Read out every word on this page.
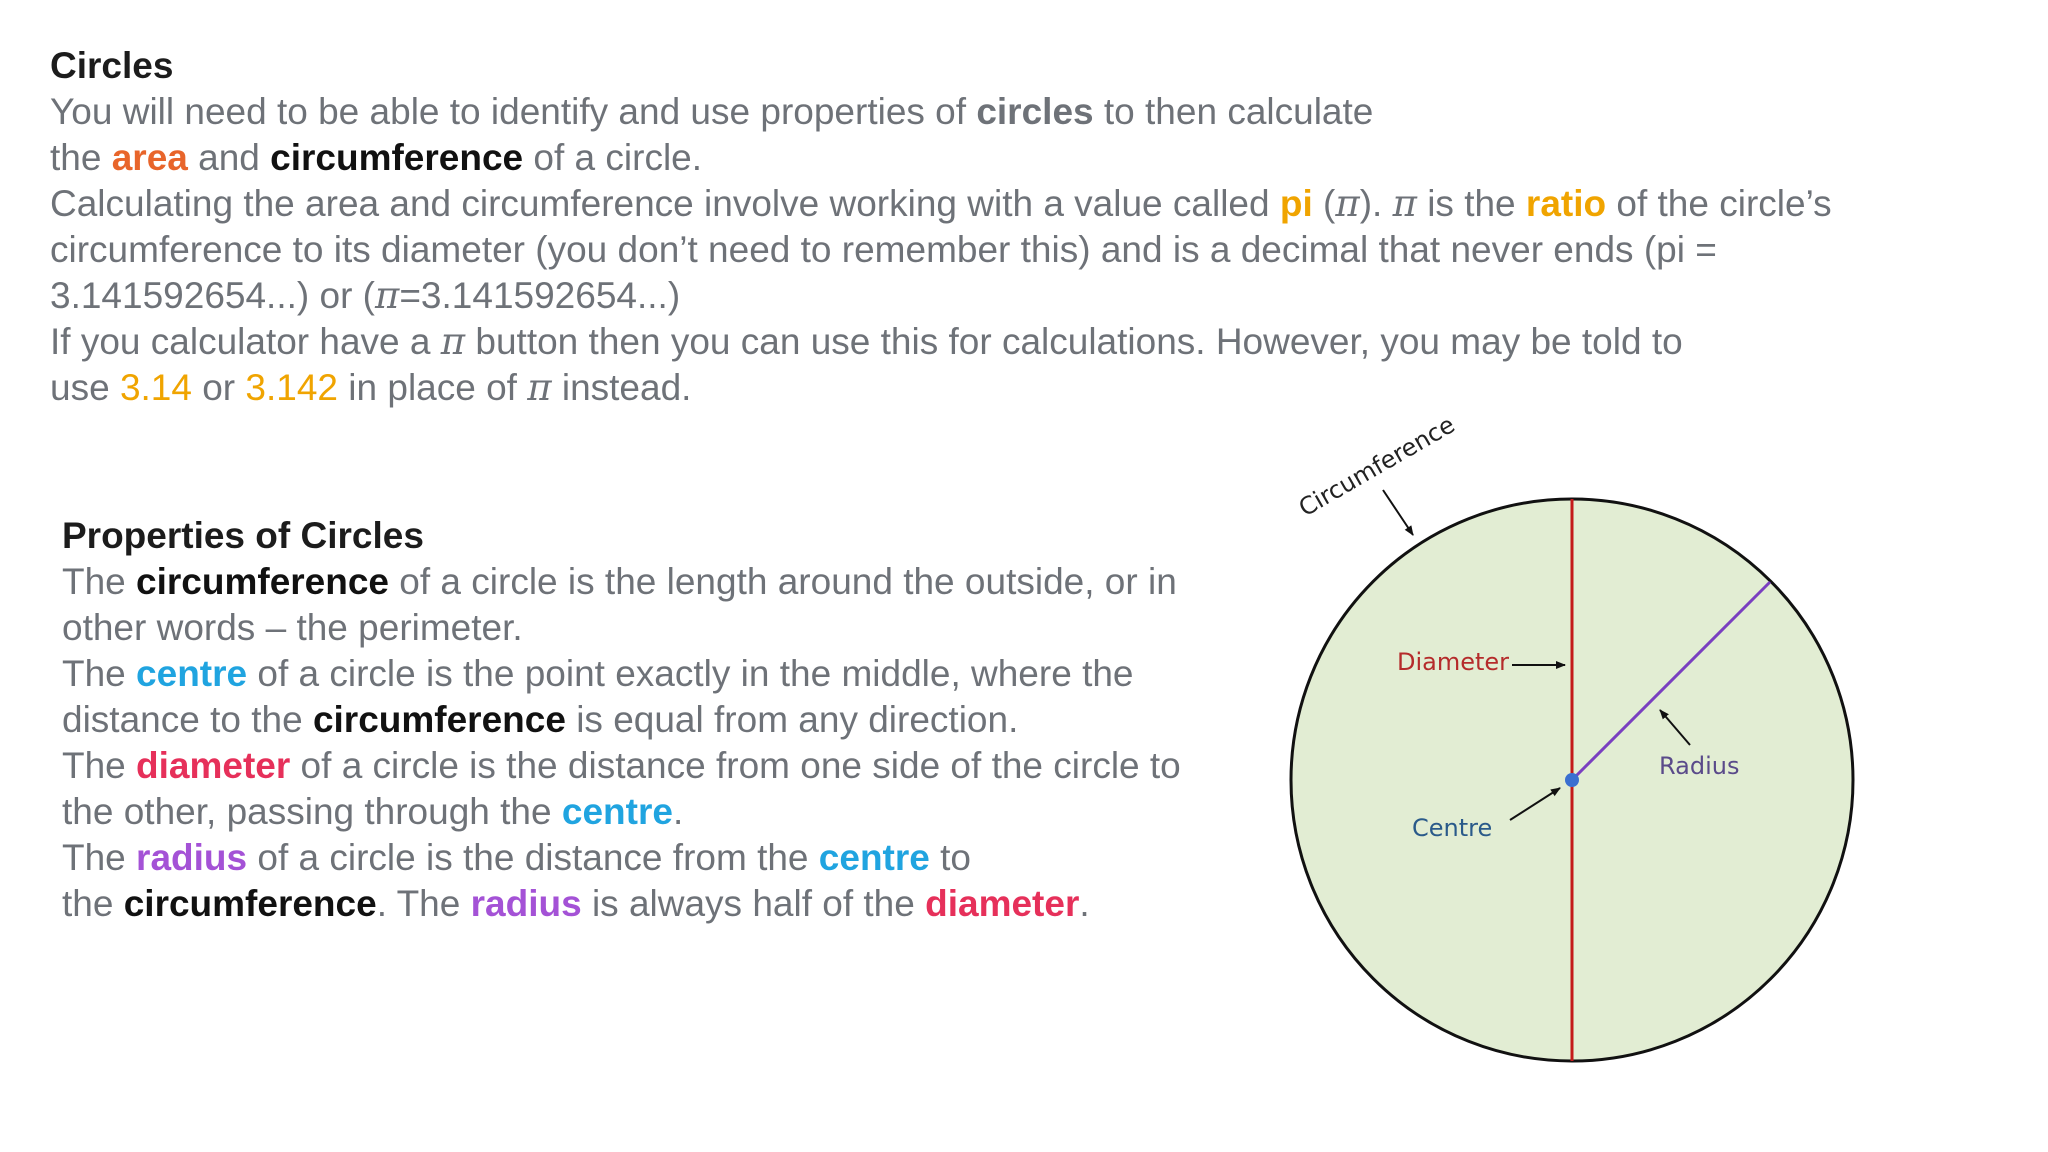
Circles

You will need to be able to identify and use properties of circles to then calculate

the area and circumference of a circle.

Calculating the area and circumference involve working with a value called pi (π). π is the ratio of the circle’s

circumference to its diameter (you don’t need to remember this) and is a decimal that never ends (pi =

3.141592654...) or (π=3.141592654...)

If you calculator have a π button then you can use this for calculations. However, you may be told to

use 3.14 or 3.142 in place of π instead.

Properties of Circles

The circumference of a circle is the length around the outside, or in

other words – the perimeter.

The centre of a circle is the point exactly in the middle, where the

distance to the circumference is equal from any direction.

The diameter of a circle is the distance from one side of the circle to

the other, passing through the centre.

The radius of a circle is the distance from the centre to

the circumference. The radius is always half of the diameter.

Circumference
Diameter
Radius
Centre
